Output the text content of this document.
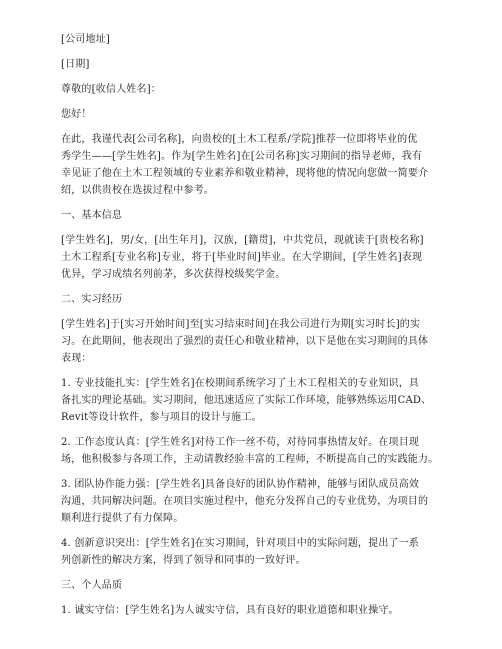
[公司地址]
[日期]
尊敬的[收信人姓名]：
您好！
在此，我谨代表[公司名称]，向贵校的[土木工程系/学院]推荐一位即将毕业的优
秀学生——[学生姓名]。作为[学生姓名]在[公司名称]实习期间的指导老师，我有
幸见证了他在土木工程领域的专业素养和敬业精神，现将他的情况向您做一简要介
绍，以供贵校在选拔过程中参考。
一、基本信息
[学生姓名]，男/女，[出生年月]，汉族，[籍贯]，中共党员，现就读于[贵校名称]
土木工程系[专业名称]专业，将于[毕业时间]毕业。在大学期间，[学生姓名]表现
优异，学习成绩名列前茅，多次获得校级奖学金。
二、实习经历
[学生姓名]于[实习开始时间]至[实习结束时间]在我公司进行为期[实习时长]的实
习。在此期间，他表现出了强烈的责任心和敬业精神，以下是他在实习期间的具体
表现：
1. 专业技能扎实：[学生姓名]在校期间系统学习了土木工程相关的专业知识，具
备扎实的理论基础。实习期间，他迅速适应了实际工作环境，能够熟练运用CAD、
Revit等设计软件，参与项目的设计与施工。
2. 工作态度认真：[学生姓名]对待工作一丝不苟，对待同事热情友好。在项目现
场，他积极参与各项工作，主动请教经验丰富的工程师，不断提高自己的实践能力。
3. 团队协作能力强：[学生姓名]具备良好的团队协作精神，能够与团队成员高效
沟通，共同解决问题。在项目实施过程中，他充分发挥自己的专业优势，为项目的
顺利进行提供了有力保障。
4. 创新意识突出：[学生姓名]在实习期间，针对项目中的实际问题，提出了一系
列创新性的解决方案，得到了领导和同事的一致好评。
三、个人品质
1. 诚实守信：[学生姓名]为人诚实守信，具有良好的职业道德和职业操守。
